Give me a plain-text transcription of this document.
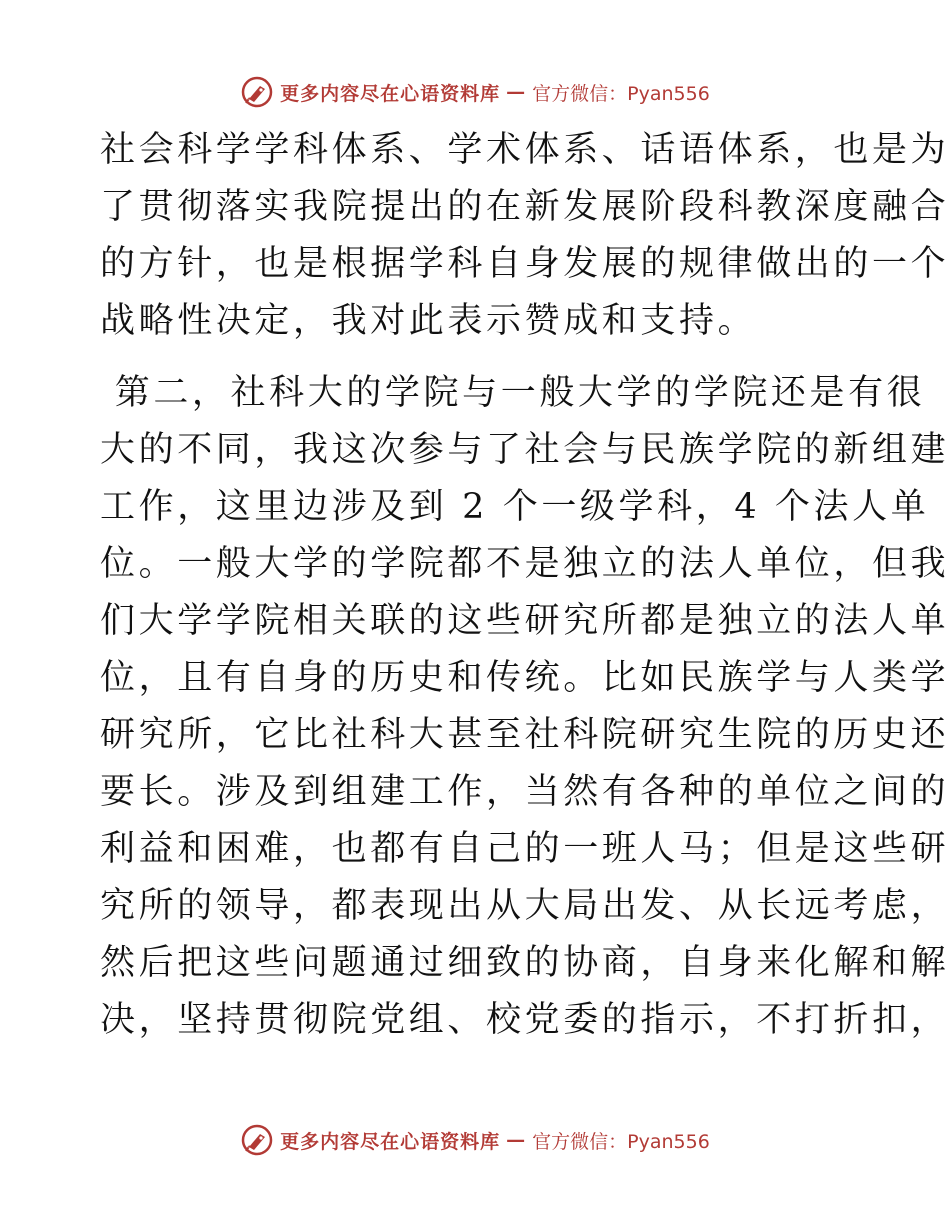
更多内容尽在心语资料库 — 官方微信：Pyan556
社会科学学科体系、学术体系、话语体系，也是为
了贯彻落实我院提出的在新发展阶段科教深度融合
的方针，也是根据学科自身发展的规律做出的一个
战略性决定，我对此表示赞成和支持。
第二，社科大的学院与一般大学的学院还是有很
大的不同，我这次参与了社会与民族学院的新组建
工作，这里边涉及到 2 个一级学科，4 个法人单
位。一般大学的学院都不是独立的法人单位，但我
们大学学院相关联的这些研究所都是独立的法人单
位，且有自身的历史和传统。比如民族学与人类学
研究所，它比社科大甚至社科院研究生院的历史还
要长。涉及到组建工作，当然有各种的单位之间的
利益和困难，也都有自己的一班人马；但是这些研
究所的领导，都表现出从大局出发、从长远考虑，
然后把这些问题通过细致的协商，自身来化解和解
决，坚持贯彻院党组、校党委的指示，不打折扣，
更多内容尽在心语资料库 — 官方微信：Pyan556
